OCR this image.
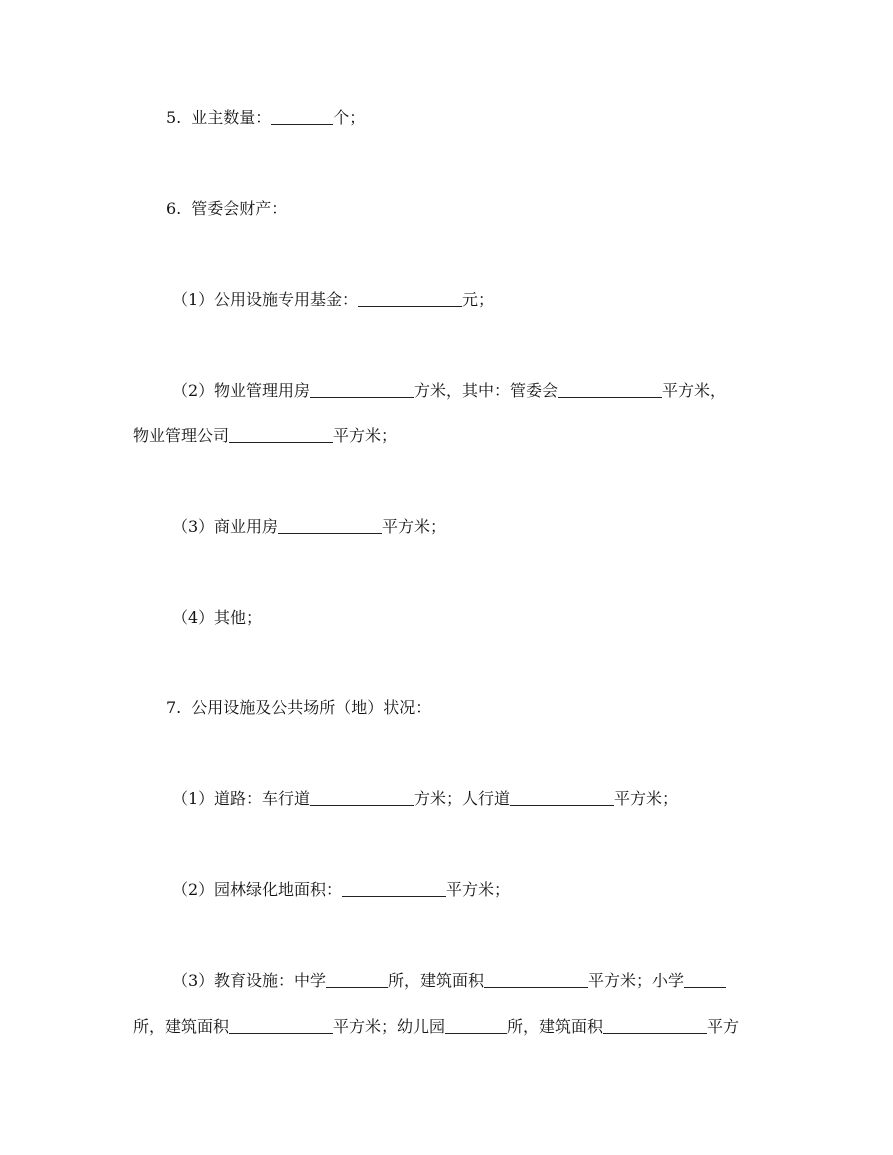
5. 业主数量：	个；
6. 管委会财产：
（1）公用设施专用基金：	元；
（2）物业管理用房	方米，其中：管委会	平方米，
物业管理公司	平方米；
（3）商业用房	平方米；
（4）其他；
7. 公用设施及公共场所（地）状况：
（1）道路：车行道	方米；人行道	平方米；
（2）园林绿化地面积：	平方米；
（3）教育设施：中学	所，建筑面积	平方米；小学
所，建筑面积	平方米；幼儿园	所，建筑面积	平方
